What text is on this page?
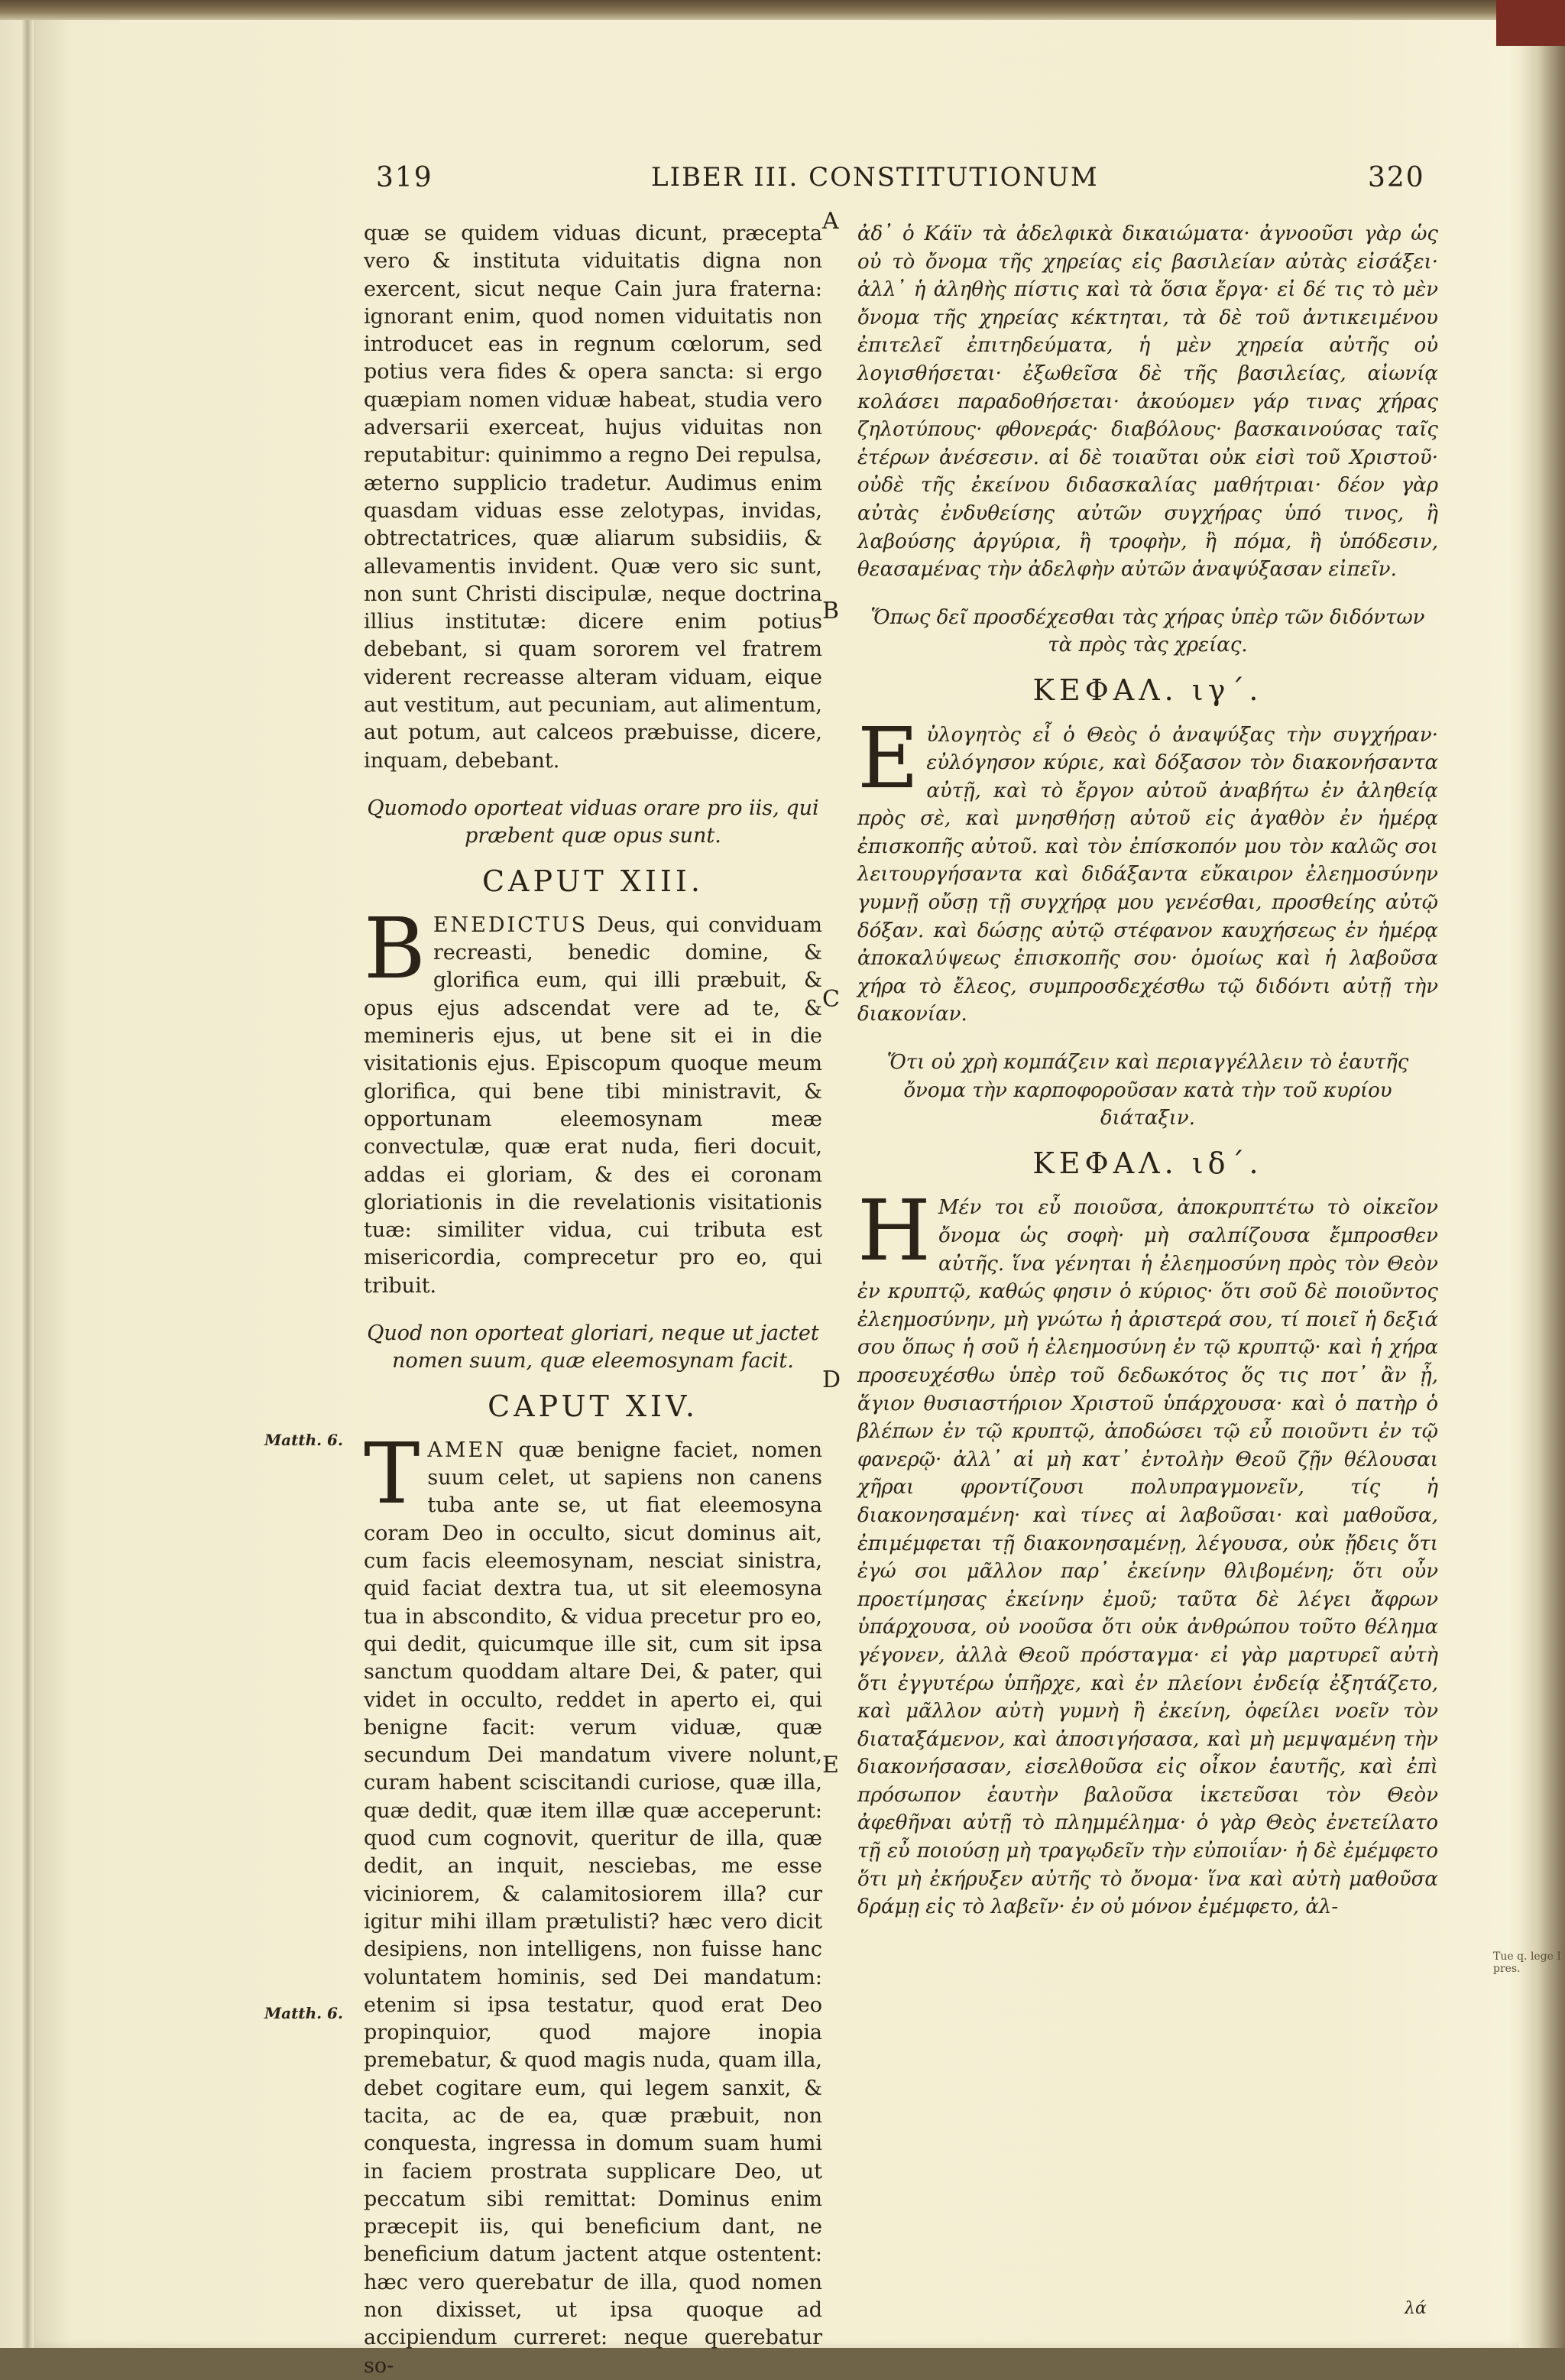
319	LIBER III. CONSTITUTIONUM	320

quæ se quidem viduas dicunt, præcepta vero & instituta viduitatis digna non exercent, sicut neque Cain jura fraterna: ignorant enim, quod nomen viduitatis non introducet eas in regnum cœlorum, sed potius vera fides & opera sancta: si ergo quæpiam nomen viduæ habeat, studia vero adversarii exerceat, hujus viduitas non reputabitur: quinimmo a regno Dei repulsa, æterno supplicio tradetur. Audimus enim quasdam viduas esse zelotypas, invidas, obtrectatrices, quæ aliarum subsidiis, & allevamentis invident. Quæ vero sic sunt, non sunt Christi discipulæ, neque doctrina illius institutæ: dicere enim potius debebant, si quam sororem vel fratrem viderent recreasse alteram viduam, eique aut vestitum, aut pecuniam, aut alimentum, aut potum, aut calceos præbuisse, dicere, inquam, debebant.

Quomodo oporteat viduas orare pro iis, qui præbent quæ opus sunt.

CAPUT XIII.

BENEDICTUS Deus, qui conviduam recreasti, benedic domine, & glorifica eum, qui illi præbuit, & opus ejus adscendat vere ad te, & memineris ejus, ut bene sit ei in die visitationis ejus. Episcopum quoque meum glorifica, qui bene tibi ministravit, & opportunam eleemosynam meæ convectulæ, quæ erat nuda, fieri docuit, addas ei gloriam, & des ei coronam gloriationis in die revelationis visitationis tuæ: similiter vidua, cui tributa est misericordia, comprecetur pro eo, qui tribuit.

Quod non oporteat gloriari, neque ut jactet nomen suum, quæ eleemosynam facit.

CAPUT XIV.

TAMEN quæ benigne faciet, nomen suum celet, ut sapiens non canens tuba ante se, ut fiat eleemosyna coram Deo in occulto, sicut dominus ait, cum facis eleemosynam, nesciat sinistra, quid faciat dextra tua, ut sit eleemosyna tua in abscondito, & vidua precetur pro eo, qui dedit, quicumque ille sit, cum sit ipsa sanctum quoddam altare Dei, & pater, qui videt in occulto, reddet in aperto ei, qui benigne facit: verum viduæ, quæ secundum Dei mandatum vivere nolunt, curam habent sciscitandi curiose, quæ illa, quæ dedit, quæ item illæ quæ acceperunt: quod cum cognovit, queritur de illa, quæ dedit, an inquit, nesciebas, me esse viciniorem, & calamitosiorem illa? cur igitur mihi illam prætulisti? hæc vero dicit desipiens, non intelligens, non fuisse hanc voluntatem hominis, sed Dei mandatum: etenim si ipsa testatur, quod erat Deo propinquior, quod majore inopia premebatur, & quod magis nuda, quam illa, debet cogitare eum, qui legem sanxit, & tacita, ac de ea, quæ præbuit, non conquesta, ingressa in domum suam humi in faciem prostrata supplicare Deo, ut peccatum sibi remittat: Dominus enim præcepit iis, qui beneficium dant, ne beneficium datum jactent atque ostentent: hæc vero querebatur de illa, quod nomen non dixisset, ut ipsa quoque ad accipiendum curreret: neque querebatur so-

ἀδ᾽ ὁ Κάϊν τὰ ἀδελφικὰ δικαιώματα· ἀγνοοῦσι γὰρ ὡς οὐ τὸ ὄνομα τῆς χηρείας εἰς βασιλείαν αὐτὰς εἰσάξει· ἀλλ᾽ ἡ ἀληθὴς πίστις καὶ τὰ ὅσια ἔργα· εἰ δέ τις τὸ μὲν ὄνομα τῆς χηρείας κέκτηται, τὰ δὲ τοῦ ἀντικειμένου ἐπιτελεῖ ἐπιτηδεύματα, ἡ μὲν χηρεία αὐτῆς οὐ λογισθήσεται· ἐξωθεῖσα δὲ τῆς βασιλείας, αἰωνίᾳ κολάσει παραδοθήσεται· ἀκούομεν γάρ τινας χήρας ζηλοτύπους· φθονεράς· διαβόλους· βασκαινούσας ταῖς ἑτέρων ἀνέσεσιν. αἱ δὲ τοιαῦται οὐκ εἰσὶ τοῦ Χριστοῦ· οὐδὲ τῆς ἐκείνου διδασκαλίας μαθήτριαι· δέον γὰρ αὐτὰς ἐνδυθείσης αὐτῶν συγχήρας ὑπό τινος, ἢ λαβούσης ἀργύρια, ἢ τροφὴν, ἢ πόμα, ἢ ὑπόδεσιν, θεασαμένας τὴν ἀδελφὴν αὐτῶν ἀναψύξασαν εἰπεῖν.

Ὅπως δεῖ προσδέχεσθαι τὰς χήρας ὑπὲρ τῶν διδόντων τὰ πρὸς τὰς χρείας.

ΚΕΦΑΛ. ιγ΄.

Εὐλογητὸς εἶ ὁ Θεὸς ὁ ἀναψύξας τὴν συγχήραν· εὐλόγησον κύριε, καὶ δόξασον τὸν διακονήσαντα αὐτῇ, καὶ τὸ ἔργον αὐτοῦ ἀναβήτω ἐν ἀληθείᾳ πρὸς σὲ, καὶ μνησθήσῃ αὐτοῦ εἰς ἀγαθὸν ἐν ἡμέρᾳ ἐπισκοπῆς αὐτοῦ. καὶ τὸν ἐπίσκοπόν μου τὸν καλῶς σοι λειτουργήσαντα καὶ διδάξαντα εὔκαιρον ἐλεημοσύνην γυμνῇ οὔσῃ τῇ συγχήρᾳ μου γενέσθαι, προσθείης αὐτῷ δόξαν. καὶ δώσῃς αὐτῷ στέφανον καυχήσεως ἐν ἡμέρᾳ ἀποκαλύψεως ἐπισκοπῆς σου· ὁμοίως καὶ ἡ λαβοῦσα χήρα τὸ ἔλεος, συμπροσδεχέσθω τῷ διδόντι αὐτῇ τὴν διακονίαν.

Ὅτι οὐ χρὴ κομπάζειν καὶ περιαγγέλλειν τὸ ἑαυτῆς ὄνομα τὴν καρποφοροῦσαν κατὰ τὴν τοῦ κυρίου διάταξιν.

ΚΕΦΑΛ. ιδ΄.

Η Μέν τοι εὖ ποιοῦσα, ἀποκρυπτέτω τὸ οἰκεῖον ὄνομα ὡς σοφὴ· μὴ σαλπίζουσα ἔμπροσθεν αὐτῆς. ἵνα γένηται ἡ ἐλεημοσύνη πρὸς τὸν Θεὸν ἐν κρυπτῷ, καθώς φησιν ὁ κύριος· ὅτι σοῦ δὲ ποιοῦντος ἐλεημοσύνην, μὴ γνώτω ἡ ἀριστερά σου, τί ποιεῖ ἡ δεξιά σου ὅπως ἡ σοῦ ἡ ἐλεημοσύνη ἐν τῷ κρυπτῷ· καὶ ἡ χήρα προσευχέσθω ὑπὲρ τοῦ δεδωκότος ὅς τις ποτ᾽ ἂν ᾖ, ἅγιον θυσιαστήριον Χριστοῦ ὑπάρχουσα· καὶ ὁ πατὴρ ὁ βλέπων ἐν τῷ κρυπτῷ, ἀποδώσει τῷ εὖ ποιοῦντι ἐν τῷ φανερῷ· ἀλλ᾽ αἱ μὴ κατ᾽ ἐντολὴν Θεοῦ ζῇν θέλουσαι χῆραι φροντίζουσι πολυπραγμονεῖν, τίς ἡ διακονησαμένη· καὶ τίνες αἱ λαβοῦσαι· καὶ μαθοῦσα, ἐπιμέμφεται τῇ διακονησαμένῃ, λέγουσα, οὐκ ᾔδεις ὅτι ἐγώ σοι μᾶλλον παρ᾽ ἐκείνην θλιβομένη; ὅτι οὖν προετίμησας ἐκείνην ἐμοῦ; ταῦτα δὲ λέγει ἄφρων ὑπάρχουσα, οὐ νοοῦσα ὅτι οὐκ ἀνθρώπου τοῦτο θέλημα γέγονεν, ἀλλὰ Θεοῦ πρόσταγμα· εἰ γὰρ μαρτυρεῖ αὐτὴ ὅτι ἐγγυτέρω ὑπῆρχε, καὶ ἐν πλείονι ἐνδείᾳ ἐξητάζετο, καὶ μᾶλλον αὐτὴ γυμνὴ ἢ ἐκείνη, ὀφείλει νοεῖν τὸν διαταξάμενον, καὶ ἀποσιγήσασα, καὶ μὴ μεμψαμένη τὴν διακονήσασαν, εἰσελθοῦσα εἰς οἶκον ἑαυτῆς, καὶ ἐπὶ πρόσωπον ἑαυτὴν βαλοῦσα ἱκετεῦσαι τὸν Θεὸν ἀφεθῆναι αὐτῇ τὸ πλημμέλημα· ὁ γὰρ Θεὸς ἐνετείλατο τῇ εὖ ποιούσῃ μὴ τραγῳδεῖν τὴν εὐποιΐαν· ἡ δὲ ἐμέμφετο ὅτι μὴ ἐκήρυξεν αὐτῆς τὸ ὄνομα· ἵνα καὶ αὐτὴ μαθοῦσα δράμῃ εἰς τὸ λαβεῖν· ἐν οὐ μόνον ἐμέμφετο, ἀλ-

A
B
C
D
E
Matth. 6.
Matth. 6.
λά
Tue q. lege I pres.
